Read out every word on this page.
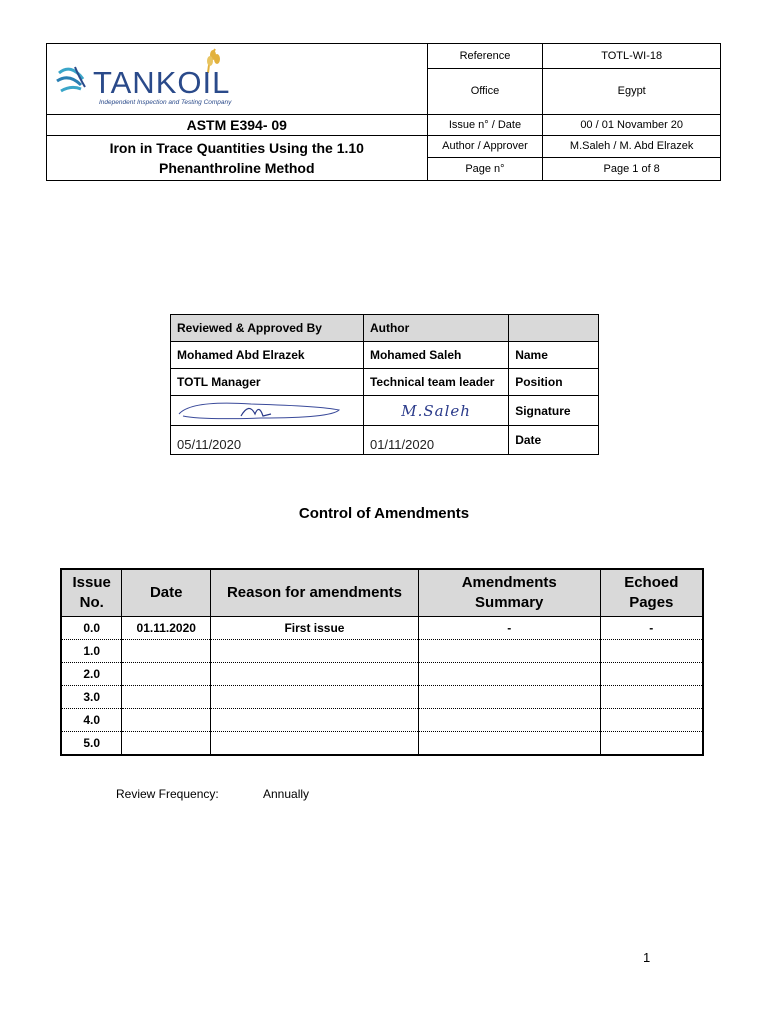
TANKOIL
Independent Inspection and Testing Company	Reference	TOTL-WI-18
	Office	Egypt
ASTM E394- 09	Issue n° / Date	00 / 01 Novamber 20

Iron in Trace Quantities Using the 1.10
Phenanthroline Method	Author / Approver	M.Saleh / M. Abd Elrazek
	Page n°	Page 1 of 8
Reviewed & Approved By	Author	
Mohamed Abd Elrazek	Mohamed Saleh	Name
TOTL Manager	Technical team leader	Position
	M.Saleh	Signature
05/11/2020	01/11/2020	Date
Control of Amendments
Issue No.	Date	Reason for amendments	Amendments Summary	Echoed Pages
0.0	01.11.2020	First issue	-	-
1.0				
2.0				
3.0				
4.0				
5.0				
Review Frequency:	Annually
1
